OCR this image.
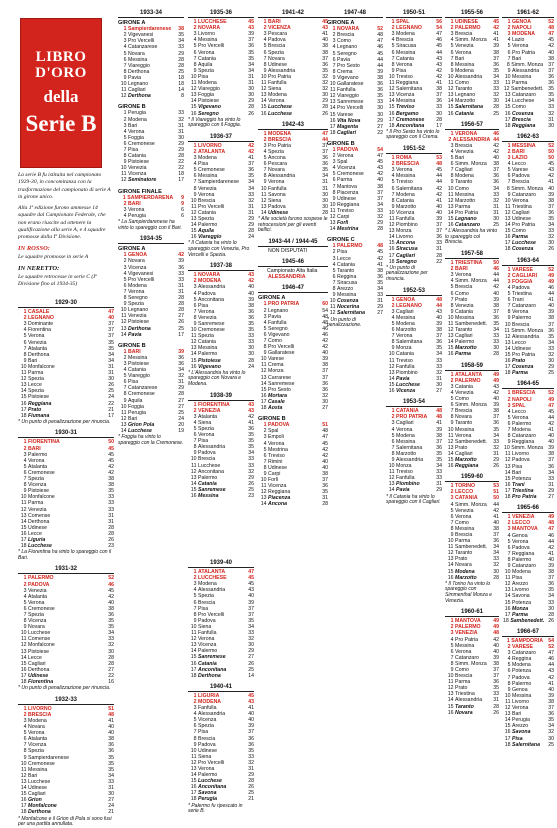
LIBRO D'ORO
della
Serie B

La serie B fu istituita nel campionato 1929-30, in concomitanza con la trasformazione del campionato di serie A in girone unico.

Alla 1ª edizione furono ammesse 14 squadre dal Campionato Federale, che non erano riuscite ad ottenere la qualificazione alla serie A, e 4 squadre promosse dalla Iª Divisione.

IN ROSSO:

Le squadre promosse in serie A

IN NERETTO:

Le squadre retrocesse in serie C (Iª Divisione fino al 1934-35)

1929-30
1 CASALE	47
2 LEGNANO	40
3 Dominante	37
4 Fiorentina	37
5 Verona	37
6 Venezia	35
7 Atalanta	35
8 Derthona	34
9 Bari	34
10 Monfalcone	31
11 Parma	31
12 Spezia	30
13 Lecce	26
14 Spezia	25
15 Pistoiese	24
16 Reggiana	22
17 Prato	21
18 Fiumana	17
* Un punto di penalizzazione per rinuncia.
1930-31
1 FIORENTINA	50
2 BARI	45
3 Palermo	45
4 Verona	45
5 Atalanta	42
6 Cremonese	42
7 Spezia	38
8 Vicenza	38
9 Pistoiese	35
10 Monfalcone	33
11 Parma	33
12 Venezia	33
13 Comense	31
14 Derthona	31
15 Udinese	28
16 Lecce	28
17 Liguria	26
18 Lucchese	23
* La Fiorentina ha vinto lo spareggio con il Bari.
1931-32
1 PALERMO	52
2 PADOVA	46
3 Venezia	45
4 Atalanta	42
5 Verona	40
6 Cremonese	38
7 Spezia	36
8 Vicenza	35
9 Novara	35
10 Lucchese	34
11 Comense	33
12 Monfalcone	32
13 Pistoiese	30
14 Lecce	28
15 Cagliari	28
16 Derthona	27
17 Udinese	22
18 Fiorentina	16
* Un punto di penalizzazione per rinuncia.
1932-33
1 LIVORNO	51
2 BRESCIA	48
3 Modena	41
4 Novara	40
5 Verona	40
6 Atalanta	38
7 Vicenza	36
8 Spezia	36
9 Sampierdarenese	35
10 Cremonese	35
11 Messina	35
12 Bari	34
13 Lucchese	33
14 Udinese	31
15 Cagliari	30
16 Grion	27
17 Monfalcone	24
18 Derthona	21
* Monfalcone e il Grion di Pola si sono fusi per una partita annullata.
1933-34
GIRONE A
1 Sampierdarenese	38
2 Vigevanesi	35
3 Pro Vercelli	34
4 Catanzarese	33
5 Novara	29
6 Messina	28
7 Viareggio	28
8 Derthona	25
9 Pavia	18
10 Legnano	18
11 Cagliari	14
12 Derthona	8
GIRONE B
1 Perugia	33
2 Modena	32
3 Bari	31
4 Verona	31
5 Foggia	30
6 Cremonese	29
7 Pisa	29
8 Catania	28
9 Pistoiese	22
10 Venezia	22
11 Vicenza	18
12 Seminatore	17
GIRONE FINALE
1 SAMPIERDARENA	9
2 BARI	9
3 Verona	6
4 Perugia	6
* La Sampierdarenese ha vinto lo spareggio con il Bari.
1934-35
GIRONE A
1 GENOA	42
2 Novara	39
3 Vicenza	36
4 Vigevanesi	33
5 Pro Vercelli	33
6 Modena	31
7 Verona	31
8 Seregno	28
9 Spezia	28
10 Legnano	28
11 Venezia	27
12 Pistoiese	26
13 Derthona	25
14 Pavia	17
GIRONE B
1 BARI	39
2 Messina	36
3 Pistoiese	36
4 Catania	34
5 Viareggio	32
6 Pisa	31
7 Catanzarese	29
8 Cremonese	28
9 Aquila	27
10 Foggia	27
11 Perugia	25
12 Bari	24
13 Grion Pola	20
14 Lucchese	19
* Foggia ha vinto lo spareggio con la Cremonese.
1935-36
1 LUCCHESE	45
2 NOVARA	43
3 Livorno	39
4 Messina	37
5 Pro Vercelli	36
6 Verona	35
7 Catania	35
8 Aquila	34
9 Spezia	34
10 Pisa	31
11 Modena	31
12 Viareggio	30
13 Foggia	30
14 Pistoiese	29
15 Vigevano	28
16 Seregno	26
* Il Viareggio ha vinto lo spareggio con il Foggia.
1936-37
1 LIVORNO	42
2 ATALANTA	42
3 Modena	41
4 Pisa	37
5 Cremonese	36
6 Messina	35
7 Sampierdarenese	34
8 Venezia	34
9 Verona	33
10 Brescia	32
11 Pro Vercelli	31
12 Catania	31
13 Spezia	29
14 Palermo	29
15 Aquila	28
16 Viareggio	24
* Il Catania ha vinto lo spareggio con Venezia, Pro Vercelli e Spezia.
1937-38
1 NOVARA	43
2 MODENA	42
3 Alessandria	40
4 Padova	40
5 Anconitana	39
6 Pisa	38
7 Verona	36
8 Venezia	36
9 Sanremese	35
10 Cremonese	35
11 Spezia	33
12 Catania	33
13 Messina	30
14 Palermo	30
15 Pistoiese	28
16 Vigevano	24
* L'Alessandria ha vinto lo spareggio con Novara e Modena.
1938-39
1 FIORENTINA	43
2 VENEZIA	43
3 Atalanta	42
4 Siena	41
5 Spezia	36
6 Verona	35
7 Pisa	35
8 Alessandria	35
9 Padova	34
10 Brescia	33
11 Lucchese	33
12 Anconitana	32
13 Palermo	29
14 Catania	26
15 Sanremese	25
16 Messina	23
1939-40
1 ATALANTA	47
2 LUCCHESE	45
3 Modena	45
4 Alessandria	43
5 Spezia	40
6 Brescia	39
7 Pisa	37
8 Pro Vercelli	37
9 Padova	35
10 Siena	34
11 Fanfulla	33
12 Verona	32
13 Vicenza	30
14 Palermo	29
15 Sanremese	27
16 Catania	26
17 Anconitana	25
18 Derthona	14
1940-41
1 LIGURIA	45
2 MODENA	43
3 Fanfulla	41
4 Alessandria	40
5 Vicenza	40
6 Spezia	39
7 Pisa	37
8 Brescia	36
9 Padova	36
10 Udinese	35
11 Siena	33
12 Pro Vercelli	32
13 Verona	31
14 Palermo	29
15 Lucchese	28
16 Anconitana	26
17 Savona	25
18 Perugia	21
* Palermo fu ripescato in serie B.
1941-42
1 BARI	45
2 VICENZA	43
3 Pescara	41
4 Padova	40
5 Brescia	38
6 Spezia	38
7 Novara	37
8 Udinese	36
9 Alessandria	35
10 Pro Patria	32
11 Fanfulla	32
12 Siena	32
13 Modena	30
14 Verona	29
15 Lucchese	28
16 Lucchese	26
1942-43
1 MODENA	47
2 BRESCIA	44
3 Pro Patria	37
4 Spezia	37
5 Ancona	36
6 Pescara	36
7 Novara	35
8 Alessandria	34
9 Verona	31
10 Fanfulla	31
11 Savona	30
12 Siena	30
13 Padova	30
14 Udinese	28
* Alle società furono sospese le retrocessioni per gli eventi bellici.
1943-44 / 1944-45
NON DISPUTATI
1945-46
Campionato Alta Italia
ALESSANDRIA
1946-47
GIRONE A
1 PRO PATRIA	60
2 Legnano	54
3 Pavia	48
4 Fanfulla	48
5 Seregno	46
6 Vigevano	46
7 Como	42
8 Pro Vercelli	42
9 Gallaratese	40
10 Varese	39
11 Crema	38
12 Monza	37
13 Carrarese	37
14 Sanremese	36
15 Pro Sesto	36
16 Mortara	32
17 Casale	30
18 Aosta	27
GIRONE B
1 PADOVA	51
2 Spal	48
3 Empoli	47
4 Verona	45
5 Mestrina	42
6 Treviso	42
7 Rimini	40
8 Udinese	40
9 Carpi	38
10 Forlì	37
11 Vicenza	36
12 Reggiana	35
13 Piacenza	31
14 Ancona	28
1947-48
GIRONE A
1 NOVARA	52
2 Brescia	48
3 Como	47
4 Legnano	46
5 Seregno	45
6 Pavia	44
7 Pro Sesto	44
8 Crema	39
9 Vigevano	38
10 Gallaratese	36
11 Fanfulla	36
12 Viareggio	35
13 Sanremese	33
14 Pro Vercelli	30
15 Varese	30
16 Vita Nova	29
17 Magenta	27
18 Cagliari	22
GIRONE B
1 PADOVA	54
2 Verona	47
3 Spal	45
4 Vicenza	43
5 Cremonese	42
6 Parma	40
7 Mantova	38
8 Piacenza	37
9 Udinese	37
10 Reggiana	34
11 Treviso	33
12 Carpi	32
13 Forlì	29
14 Mestrina	28
GIRONE C
1 PALERMO	48
2 Pisa	45
3 Lecce	42
4 Catania	41
5 Taranto	38
6 Reggina	36
7 Siracusa	35
8 Arezzo	34
9 Messina	33
10 Cosenza	31
11 Nocerina	29
12 Salernitana	27
* Un punto di penalizzazione.
1950-51
1 SPAL	56
2 LEGNANO	54
3 Modena	47
4 Brescia	46
5 Siracusa	45
6 Messina	44
7 Catania	43
8 Verona	43
9 Pisa	42
10 Treviso	42
11 Reggiana	41
12 Salernitana	38
13 Vicenza	37
14 Messina	36
15 Treviso	33
16 Bergamo	30
17 Cremonese	28
18 Anconitana	17
* Il Pro Sesto ha vinto lo spareggio con il Crema.
1951-52
1 ROMA	53
2 BRESCIA	48
3 Verona	45
4 Messina	44
5 Treviso	44
6 Salernitana	42
7 Modena	42
8 Catania	41
9 Marzotto	40
10 Vicenza	40
11 Fanfulla	39
12 Piombino	37
13 Monza	37
14 Livorno	36
15 Ancona	33
16 Siracusa	31
17 Cagliari	28
18 Seregno	22
* Un punto di penalizzazione per rinuncia.
1952-53
1 GENOA	48
2 LEGNANO	44
3 Cagliari	43
4 Messina	40
5 Modena	39
6 Marzotto	38
7 Verona	37
8 Salernitana	36
9 Monza	35
10 Catania	34
11 Treviso	33
12 Fanfulla	33
13 Piombino	32
14 Pavia	31
15 Lucchese	30
16 Vicenza	27
1953-54
1 CATANIA	48
2 PRO PATRIA	48
3 Cagliari	41
4 Verona	39
5 Modena	38
6 Messina	37
7 Salernitana	36
8 Marzotto	35
9 Alessandria	35
10 Monza	34
11 Treviso	33
12 Fanfulla	33
13 Piombino	31
14 Pavia	29
* Il Catania ha vinto lo spareggio con il Cagliari.
1955-56
1 UDINESE	45
2 PALERMO	42
3 Brescia	41
4 Simm. Monza	41
5 Venezia	39
6 Verona	38
7 Bari	37
8 Messina	36
9 Modena	35
10 Alessandria	34
11 Como	33
12 Taranto	33
13 Legnano	32
14 Marzotto	30
15 Salernitana	28
16 Catania	25
1956-57
1 VERONA	46
2 ALESSANDRIA 44
3 Brescia	42
4 Venezia	42
5 Bari	40
6 Simm. Monza	38
7 Cagliari	37
8 Modena	36
9 Taranto	36
10 Como	34
11 Messina	33
12 Marzotto	32
13 Parma	31
14 Pro Patria	31
15 Legnano	30
16 Catanzaro	25
* L'Alessandria ha vinto lo spareggio col Brescia.
1957-58
1 TRIESTINA	50
2 BARI	46
3 Verona	44
4 Simm. Monza	44
5 Brescia	42
6 Como	40
7 Prato	39
8 Venezia	38
9 Catania	37
10 Messina	36
11 Sambenedett.	35
12 Taranto	34
13 Cagliari	33
14 Palermo	33
15 Marzotto	30
16 Parma	28
1958-59
1 ATALANTA	49
2 PALERMO	49
3 Catania	43
4 Venezia	42
5 Como	40
6 Simm. Monza	39
7 Brescia	38
8 Novara	37
9 Taranto	36
10 Messina	35
11 Verona	34
12 Sambenedett.	33
13 Prato	32
14 Cagliari	31
15 Marzotto	29
16 Reggiana	26
1959-60
1 TORINO	53
2 LECCO	51
3 CATANIA	50
4 Simm. Monza	44
5 Venezia	42
6 Verona	41
7 Como	40
8 Messina	38
9 Brescia	37
10 Parma	36
11 Sambenedett.	34
12 Taranto	34
13 Prato	33
14 Novara	32
15 Modena	30
16 Marzotto	28
* Il Torino ha vinto lo spareggio con Simmenthal Monza e Venezia.
1960-61
1 MANTOVA	49
2 PALERMO	49
3 VENEZIA	48
4 Pro Patria	42
5 Messina	40
6 Verona	40
7 Catanzaro	39
8 Simm. Monza	38
9 Como	37
10 Brescia	37
11 Parma	36
12 Prato	35
13 Triestina	33
14 Alessandria	31
15 Taranto	28
16 Novara	26
1961-62
1 GENOA	52
2 NAPOLI	48
3 MODENA	47
4 Lazio	45
5 Verona	42
6 Pro Patria	40
7 Bari	38
8 Simm. Monza	37
9 Alessandria	37
10 Messina	36
11 Parma	36
12 Sambenedett. 35
13 Catanzaro	35
14 Lucchese	34
15 Como	33
16 Cosenza	32
17 Brescia	31
18 Reggiana	30
1962-63
1 MESSINA	52
2 BARI	50
3 LAZIO	50
4 Lecco	45
5 Varese	43
6 Padova	42
7 Brescia	41
8 Simm. Monza	40
9 Catanzaro	39
10 Verona	38
11 Triestina	37
12 Cagliari	36
13 Udinese	35
14 Pro Patria	34
15 Como	33
16 Parma	32
17 Lucchese	30
18 Cosenza	26
1963-64
1 VARESE	52
2 CAGLIARI	49
3 FOGGIA	49
4 Padova	46
5 Triestina	44
6 Trani	41
7 Catanzaro	40
8 Verona	39
9 Palermo	38
10 Brescia	37
11 Simm. Monza	36
12 Alessandria	35
13 Lecco	34
14 Udinese	33
15 Pro Patria	32
16 Prato	30
17 Cosenza	29
18 Parma	25
1964-65
1 BRESCIA	52
2 NAPOLI	49
3 SPAL	47
4 Lecco	45
5 Verona	44
6 Palermo	42
7 Modena	41
8 Catanzaro	40
9 Reggiana	40
10 Simm. Monza	39
11 Livorno	38
12 Padova	37
13 Pisa	36
14 Bari	34
15 Potenza	33
16 Trani	31
17 Triestina	29
18 Pro Patria	27
1965-66
1 VENEZIA	49
2 LECCO	48
3 MANTOVA	47
4 Genoa	46
5 Verona	44
6 Padova	42
7 Reggiana	41
8 Palermo	40
9 Catanzaro	39
10 Modena	38
11 Pisa	37
12 Arezzo	36
13 Livorno	35
14 Savona	34
15 Potenza	33
16 Monza	30
17 Parma	28
18 Sambenedett. 26
1966-67
1 SAMPDORIA	54
2 VARESE	52
3 Catanzaro	47
4 Reggina	46
5 Modena	44
6 Potenza	43
7 Padova	42
8 Palermo	41
9 Genoa	40
10 Messina	39
11 Livorno	38
12 Verona	37
13 Bari	36
14 Perugia	35
15 Arezzo	34
16 Savona	32
17 Pisa	30
18 Salernitana	25
